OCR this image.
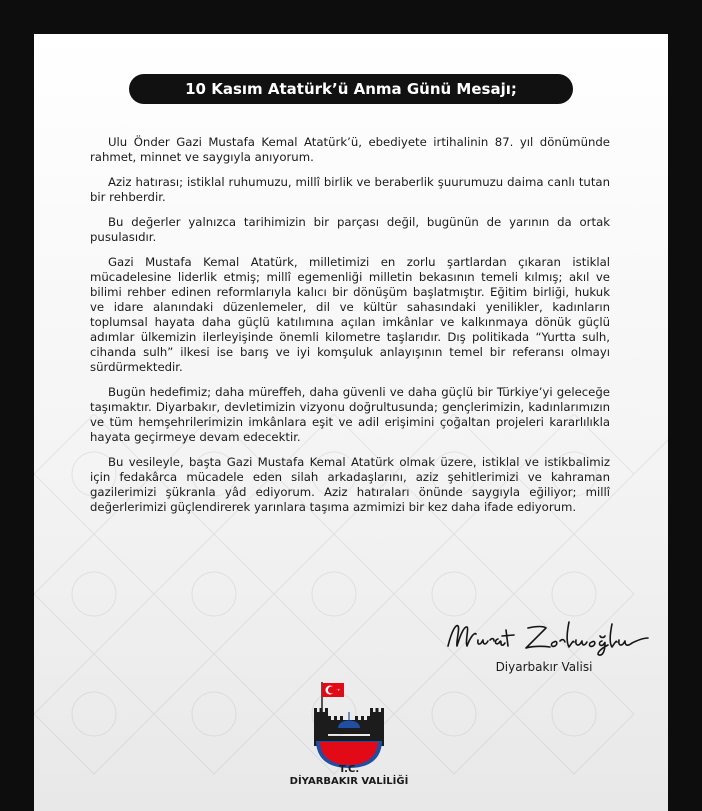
10 Kasım Atatürk’ü Anma Günü Mesajı;

Ulu Önder Gazi Mustafa Kemal Atatürk’ü, ebediyete irtihalinin 87. yıl dönümünde rahmet, minnet ve saygıyla anıyorum.

Aziz hatırası; istiklal ruhumuzu, millî birlik ve beraberlik şuurumuzu daima canlı tutan bir rehberdir.

Bu değerler yalnızca tarihimizin bir parçası değil, bugünün de yarının da ortak pusulasıdır.

Gazi Mustafa Kemal Atatürk, milletimizi en zorlu şartlardan çıkaran istiklal mücadelesine liderlik etmiş; millî egemenliği milletin bekasının temeli kılmış; akıl ve bilimi rehber edinen reformlarıyla kalıcı bir dönüşüm başlatmıştır. Eğitim birliği, hukuk ve idare alanındaki düzenlemeler, dil ve kültür sahasındaki yenilikler, kadınların toplumsal hayata daha güçlü katılımına açılan imkânlar ve kalkınmaya dönük güçlü adımlar ülkemizin ilerleyişinde önemli kilometre taşlarıdır. Dış politikada “Yurtta sulh, cihanda sulh” ilkesi ise barış ve iyi komşuluk anlayışının temel bir referansı olmayı sürdürmektedir.

Bugün hedefimiz; daha müreffeh, daha güvenli ve daha güçlü bir Türkiye’yi geleceğe taşımaktır. Diyarbakır, devletimizin vizyonu doğrultusunda; gençlerimizin, kadınlarımızın ve tüm hemşehrilerimizin imkânlara eşit ve adil erişimini çoğaltan projeleri kararlılıkla hayata geçirmeye devam edecektir.

Bu vesileyle, başta Gazi Mustafa Kemal Atatürk olmak üzere, istiklal ve istikbalimiz için fedakârca mücadele eden silah arkadaşlarını, aziz şehitlerimizi ve kahraman gazilerimizi şükranla yâd ediyorum. Aziz hatıraları önünde saygıyla eğiliyor; millî değerlerimizi güçlendirerek yarınlara taşıma azmimizi bir kez daha ifade ediyorum.

Diyarbakır Valisi
T.C.
DİYARBAKIR VALİLİĞİ
